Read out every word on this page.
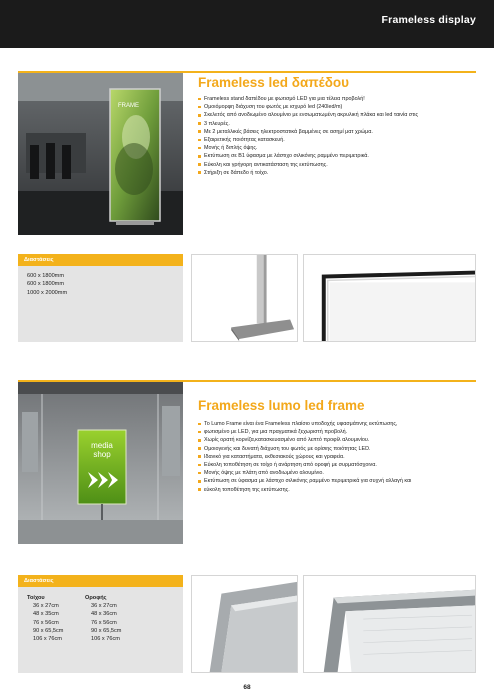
Frameless display
FRAME
Frameless led δαπέδου
Frameless stand δαπέδου με φωτισμό LED για μια τέλεια προβολή!
Ομοιόμορφη διάχυση του φωτός με ισχυρό led (240led/m)
Σκελετός από ανοδιωμένο αλουμίνιο με ενσωματωμένη ακρυλική πλάκα και led ταινία στις
3 πλευρές.
Με 2 μεταλλικές βάσεις ηλεκτροστατικά βαμμένες σε ασημί ματ χρώμα.
Εξαιρετικής ποιότητας κατασκευή.
Μονής ή διπλής όψης.
Εκτύπωση σε Β1 ύφασμα με λάστιχο σιλικόνης ραμμένο περιμετρικά.
Εύκολη και γρήγορη αντικατάσταση της εκτύπωσης.
Στήριξη σε δάπεδο ή τοίχο.
Διαστάσεις
600 x 1800mm
600 x 1800mm
1000 x 2000mm
media
shop
Frameless lumo led frame
To Lumo Frame είναι ένα Frameless πλαίσιο υποδοχής υφασμάτινης εκτύπωσης,
φωτισμένο με LED, για μια πραγματικά ξεχωριστή προβολή.
Χωρίς ορατή κορνίζα,κατασκευασμένο από λεπτό προφίλ αλουμινίου.
Ομοιογενής και δυνατή διάχυση του φωτός με ορίσιης ποιότητας LED.
Ιδανικό για καταστήματα, εκθεσιακούς χώρους και γραφεία.
Εύκολη τοποθέτηση σε τοίχο ή ανάρτηση από οροφή με συρματόσχοινα.
Μονής όψης με πλάτη από ανοδιωμένο αλουμίνιο.
Εκτύπωση σε ύφασμα με λάστιχο σιλικόνης ραμμένο περιμετρικά για συχνή αλλαγή και
εύκολη τοποθέτηση της εκτύπωσης.
Διαστάσεις
Τοίχου
36 x 27cm
48 x 35cm
76 x 56cm
90 x 65,5cm
106 x 76cm
Οροφής
36 x 27cm
48 x 36cm
76 x 56cm
90 x 65,5cm
106 x 76cm
68
